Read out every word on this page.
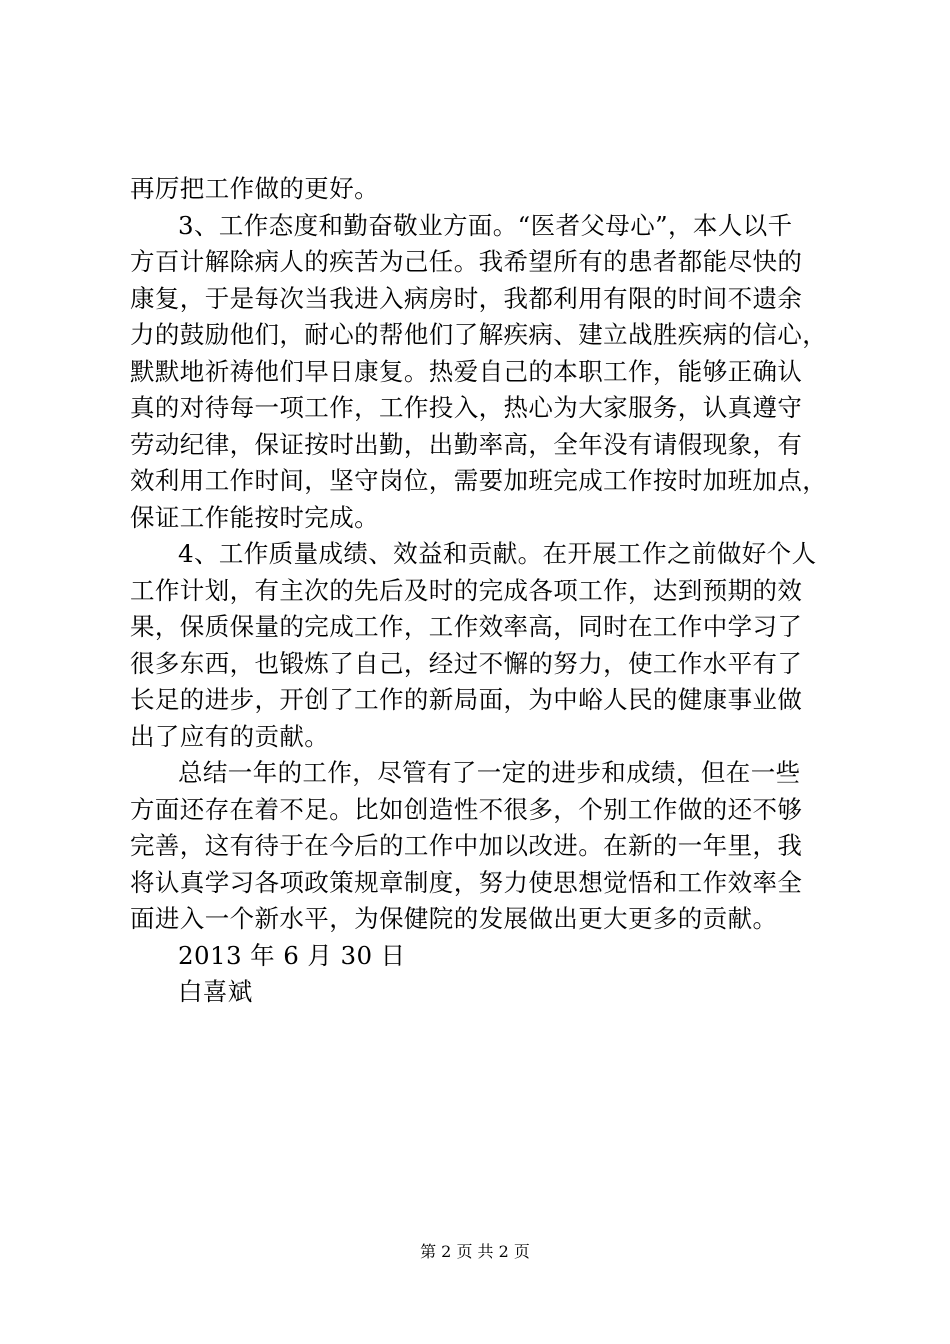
再厉把工作做的更好。
3、工作态度和勤奋敬业方面。“医者父母心”，本人以千
方百计解除病人的疾苦为己任。我希望所有的患者都能尽快的
康复，于是每次当我进入病房时，我都利用有限的时间不遗余
力的鼓励他们，耐心的帮他们了解疾病、建立战胜疾病的信心，
默默地祈祷他们早日康复。热爱自己的本职工作，能够正确认
真的对待每一项工作，工作投入，热心为大家服务，认真遵守
劳动纪律，保证按时出勤，出勤率高，全年没有请假现象，有
效利用工作时间，坚守岗位，需要加班完成工作按时加班加点，
保证工作能按时完成。
4、工作质量成绩、效益和贡献。在开展工作之前做好个人
工作计划，有主次的先后及时的完成各项工作，达到预期的效
果，保质保量的完成工作，工作效率高，同时在工作中学习了
很多东西，也锻炼了自己，经过不懈的努力，使工作水平有了
长足的进步，开创了工作的新局面，为中峪人民的健康事业做
出了应有的贡献。
总结一年的工作，尽管有了一定的进步和成绩，但在一些
方面还存在着不足。比如创造性不很多，个别工作做的还不够
完善，这有待于在今后的工作中加以改进。在新的一年里，我
将认真学习各项政策规章制度，努力使思想觉悟和工作效率全
面进入一个新水平，为保健院的发展做出更大更多的贡献。
2013 年 6 月 30 日
白喜斌
第 2 页 共 2 页
